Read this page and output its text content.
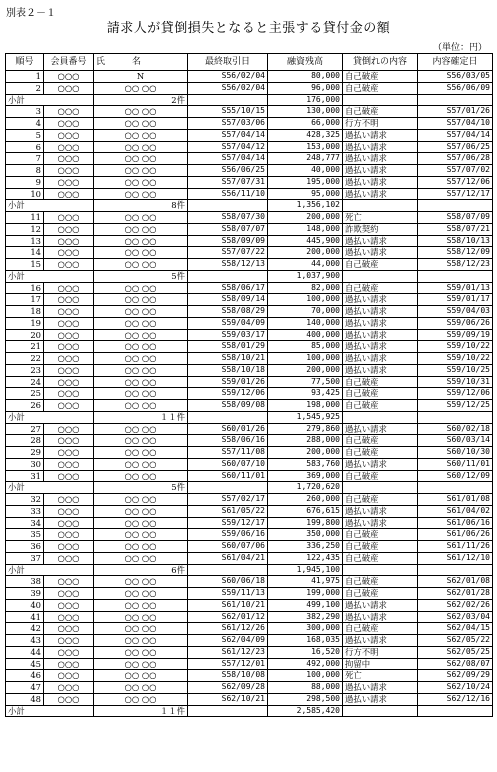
別表２－１
請求人が貸倒損失となると主張する貸付金の額
（単位：円）
順号	会員番号	氏　　　名	最終取引日	融資残高	貸倒れの内容	内容確定日
1	○○○	N	S56/02/04	80,000	自己破産	S56/03/05
2	○○○	○○ ○○	S56/02/04	96,000	自己破産	S56/06/09
小計		2件		176,000		
3	○○○	○○ ○○	S55/10/15	130,000	自己破産	S57/01/26
4	○○○	○○ ○○	S57/03/06	66,000	行方不明	S57/04/10
5	○○○	○○ ○○	S57/04/14	428,325	過払い請求	S57/04/14
6	○○○	○○ ○○	S57/04/12	153,000	過払い請求	S57/06/25
7	○○○	○○ ○○	S57/04/14	248,777	過払い請求	S57/06/28
8	○○○	○○ ○○	S56/06/25	40,000	過払い請求	S57/07/02
9	○○○	○○ ○○	S57/07/31	195,000	過払い請求	S57/12/06
10	○○○	○○ ○○	S56/11/10	95,000	過払い請求	S57/12/17
小計		8件		1,356,102		
11	○○○	○○ ○○	S58/07/30	200,000	死亡	S58/07/09
12	○○○	○○ ○○	S58/07/07	148,000	詐欺契約	S58/07/21
13	○○○	○○ ○○	S58/09/09	445,900	過払い請求	S58/10/13
14	○○○	○○ ○○	S57/07/22	200,000	過払い請求	S58/12/09
15	○○○	○○ ○○	S58/12/13	44,000	自己破産	S58/12/23
小計		5件		1,037,900		
16	○○○	○○ ○○	S58/06/17	82,000	自己破産	S59/01/13
17	○○○	○○ ○○	S58/09/14	100,000	過払い請求	S59/01/17
18	○○○	○○ ○○	S58/08/29	70,000	過払い請求	S59/04/03
19	○○○	○○ ○○	S59/04/09	140,000	過払い請求	S59/06/26
20	○○○	○○ ○○	S59/03/17	400,000	過払い請求	S59/09/19
21	○○○	○○ ○○	S58/01/29	85,000	過払い請求	S59/10/22
22	○○○	○○ ○○	S58/10/21	100,000	過払い請求	S59/10/22
23	○○○	○○ ○○	S58/10/18	200,000	過払い請求	S59/10/25
24	○○○	○○ ○○	S59/01/26	77,500	自己破産	S59/10/31
25	○○○	○○ ○○	S59/12/06	93,425	自己破産	S59/12/06
26	○○○	○○ ○○	S58/09/08	198,000	自己破産	S59/12/25
小計		１１件		1,545,925		
27	○○○	○○ ○○	S60/01/26	279,860	過払い請求	S60/02/18
28	○○○	○○ ○○	S58/06/16	288,000	自己破産	S60/03/14
29	○○○	○○ ○○	S57/11/08	200,000	自己破産	S60/10/30
30	○○○	○○ ○○	S60/07/10	583,760	過払い請求	S60/11/01
31	○○○	○○ ○○	S60/11/01	369,000	自己破産	S60/12/09
小計		5件		1,720,620		
32	○○○	○○ ○○	S57/02/17	260,000	自己破産	S61/01/08
33	○○○	○○ ○○	S61/05/22	676,615	過払い請求	S61/04/02
34	○○○	○○ ○○	S59/12/17	199,800	過払い請求	S61/06/16
35	○○○	○○ ○○	S59/06/16	350,000	自己破産	S61/06/26
36	○○○	○○ ○○	S60/07/06	336,250	自己破産	S61/11/26
37	○○○	○○ ○○	S61/04/21	122,435	自己破産	S61/12/10
小計		6件		1,945,100		
38	○○○	○○ ○○	S60/06/18	41,975	自己破産	S62/01/08
39	○○○	○○ ○○	S59/11/13	199,000	自己破産	S62/01/28
40	○○○	○○ ○○	S61/10/21	499,100	過払い請求	S62/02/26
41	○○○	○○ ○○	S62/01/12	382,290	過払い請求	S62/03/04
42	○○○	○○ ○○	S61/12/26	300,000	自己破産	S62/04/15
43	○○○	○○ ○○	S62/04/09	168,035	過払い請求	S62/05/22
44	○○○	○○ ○○	S61/12/23	16,520	行方不明	S62/05/25
45	○○○	○○ ○○	S57/12/01	492,000	拘留中	S62/08/07
46	○○○	○○ ○○	S58/10/08	100,000	死亡	S62/09/29
47	○○○	○○ ○○	S62/09/28	88,000	過払い請求	S62/10/24
48	○○○	○○ ○○	S62/10/21	298,500	過払い請求	S62/12/16
小計		１１件		2,585,420		
